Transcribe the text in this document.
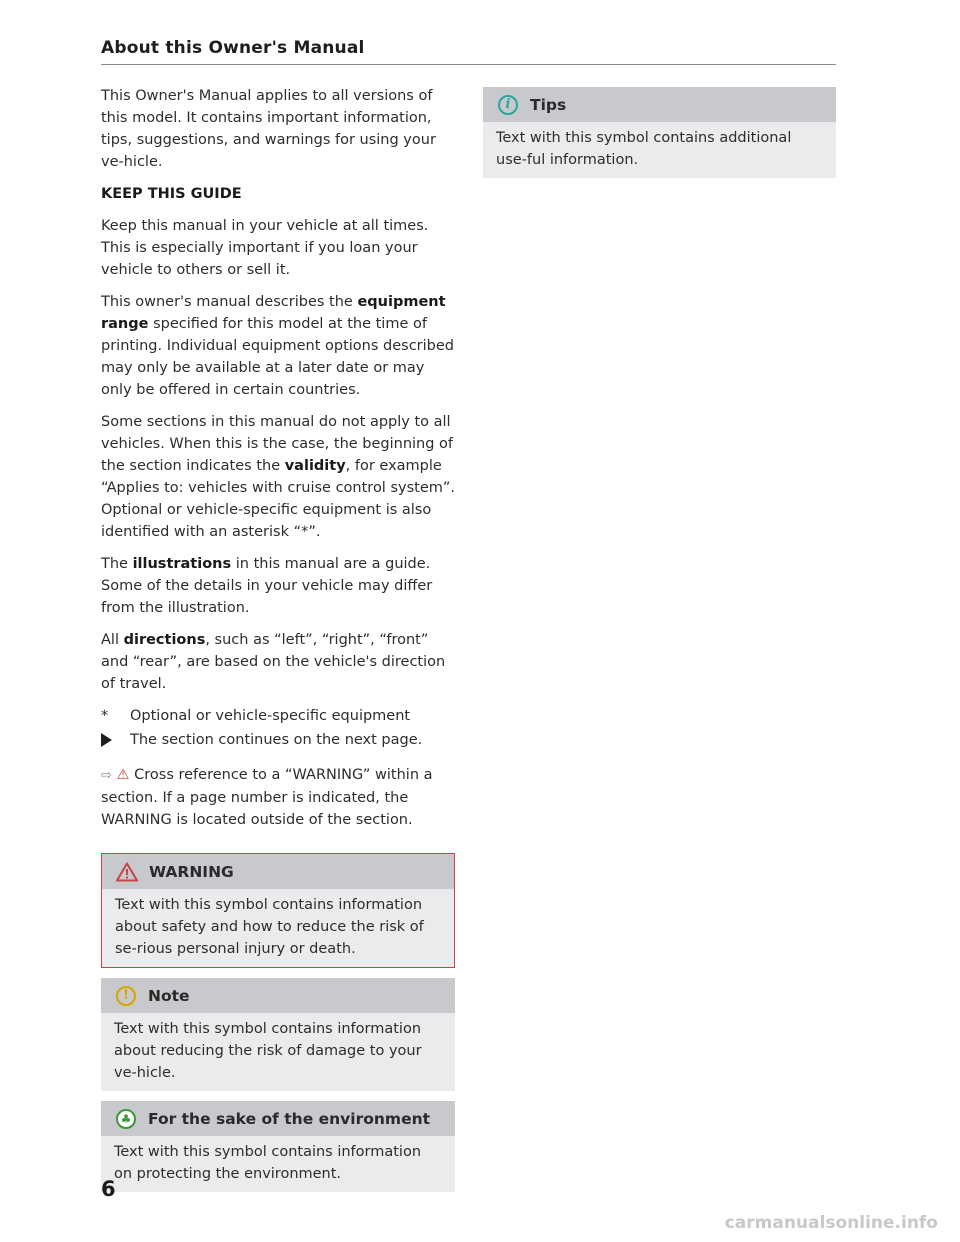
About this Owner's Manual

This Owner's Manual applies to all versions of this model. It contains important information, tips, suggestions, and warnings for using your ve-hicle.

KEEP THIS GUIDE

Keep this manual in your vehicle at all times. This is especially important if you loan your vehicle to others or sell it.

This owner's manual describes the equipment range specified for this model at the time of printing. Individual equipment options described may only be available at a later date or may only be offered in certain countries.

Some sections in this manual do not apply to all vehicles. When this is the case, the beginning of the section indicates the validity, for example “Applies to: vehicles with cruise control system”. Optional or vehicle-specific equipment is also identified with an asterisk “*”.

The illustrations in this manual are a guide. Some of the details in your vehicle may differ from the illustration.

All directions, such as “left”, “right”, “front” and “rear”, are based on the vehicle's direction of travel.

*	Optional or vehicle-specific equipment
The section continues on the next page.

⇨ ⚠ Cross reference to a “WARNING” within a section. If a page number is indicated, the WARNING is located outside of the section.

WARNING
Text with this symbol contains information about safety and how to reduce the risk of se-rious personal injury or death.
!	Note
Text with this symbol contains information about reducing the risk of damage to your ve-hicle.
♣ For the sake of the environment
Text with this symbol contains information on protecting the environment.
i	Tips
Text with this symbol contains additional use-ful information.
6
carmanualsonline.info
